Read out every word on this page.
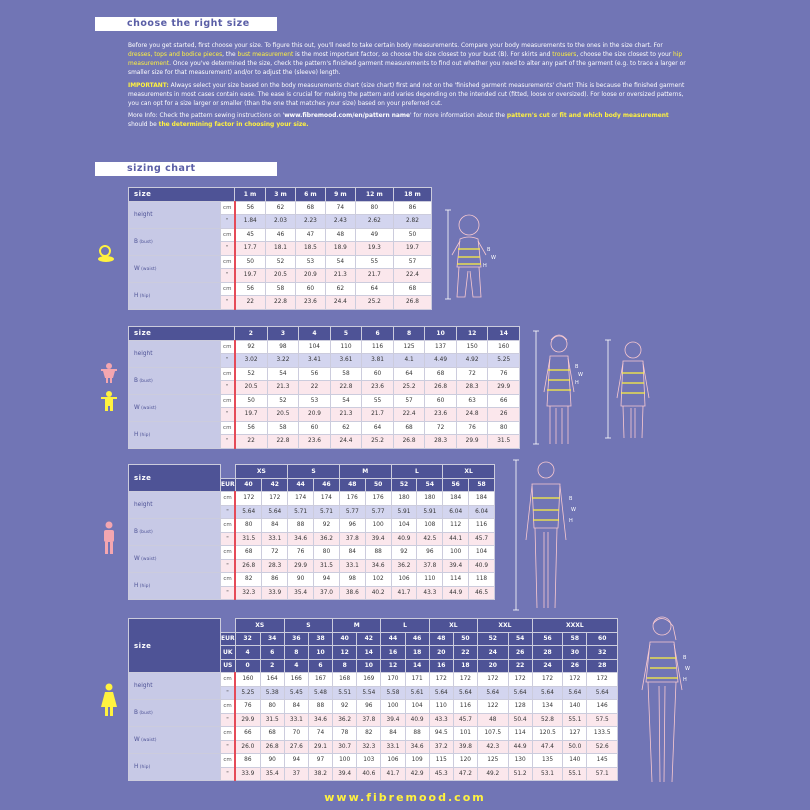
choose the right size

Before you get started, first choose your size. To figure this out, you'll need to take certain body measurements. Compare your body measurements to the ones in the size chart. For dresses, tops and bodice pieces, the bust measurement is the most important factor, so choose the size closest to your bust (B). For skirts and trousers, choose the size closest to your hip measurement. Once you've determined the size, check the pattern's finished garment measurements to find out whether you need to alter any part of the garment (e.g. to trace a larger or smaller size for that measurement) and/or to adjust the (sleeve) length.

IMPORTANT: Always select your size based on the body measurements chart (size chart) first and not on the 'finished garment measurements' chart! This is because the finished garment measurements in most cases contain ease. The ease is crucial for making the pattern and varies depending on the intended cut (fitted, loose or oversized). For loose or oversized patterns, you can opt for a size larger or smaller (than the one that matches your size) based on your preferred cut.

More Info: Check the pattern sewing instructions on 'www.fibremood.com/en/pattern name' for more information about the pattern's cut or fit and which body measurement should be the determining factor in choosing your size.

sizing chart
size		1 m	3 m	6 m	9 m	12 m	18 m
height	cm	56	62	68	74	80	86
	"	1.84	2.03	2.23	2.43	2.62	2.82
B (bust)	cm	45	46	47	48	49	50
	"	17.7	18.1	18.5	18.9	19.3	19.7
W (waist)	cm	50	52	53	54	55	57
	"	19.7	20.5	20.9	21.3	21.7	22.4
H (hip)	cm	56	58	60	62	64	68
	"	22	22.8	23.6	24.4	25.2	26.8
size		2	3	4	5	6	8	10	12	14
height	cm	92	98	104	110	116	125	137	150	160
	"	3.02	3.22	3.41	3.61	3.81	4.1	4.49	4.92	5.25
B (bust)	cm	52	54	56	58	60	64	68	72	76
	"	20.5	21.3	22	22.8	23.6	25.2	26.8	28.3	29.9
W (waist)	cm	50	52	53	54	55	57	60	63	66
	"	19.7	20.5	20.9	21.3	21.7	22.4	23.6	24.8	26
H (hip)	cm	56	58	60	62	64	68	72	76	80
	"	22	22.8	23.6	24.4	25.2	26.8	28.3	29.9	31.5
size		XS		S		M		L		XL	
	EUR	40	42	44	46	48	50	52	54	56	58
height	cm	172	172	174	174	176	176	180	180	184	184
	"	5.64	5.64	5.71	5.71	5.77	5.77	5.91	5.91	6.04	6.04
B (bust)	cm	80	84	88	92	96	100	104	108	112	116
	"	31.5	33.1	34.6	36.2	37.8	39.4	40.9	42.5	44.1	45.7
W (waist)	cm	68	72	76	80	84	88	92	96	100	104
	"	26.8	28.3	29.9	31.5	33.1	34.6	36.2	37.8	39.4	40.9
H (hip)	cm	82	86	90	94	98	102	106	110	114	118
	"	32.3	33.9	35.4	37.0	38.6	40.2	41.7	43.3	44.9	46.5
size		XS		S		M		L		XL		XXL		XXXL		
	EUR	32	34	36	38	40	42	44	46	48	50	52	54	56	58	60
	UK	4	6	8	10	12	14	16	18	20	22	24	26	28	30	32
	US	0	2	4	6	8	10	12	14	16	18	20	22	24	26	28
height	cm	160	164	166	167	168	169	170	171	172	172	172	172	172	172	172
	"	5.25	5.38	5.45	5.48	5.51	5.54	5.58	5.61	5.64	5.64	5.64	5.64	5.64	5.64	5.64
B (bust)	cm	76	80	84	88	92	96	100	104	110	116	122	128	134	140	146
	"	29.9	31.5	33.1	34.6	36.2	37.8	39.4	40.9	43.3	45.7	48	50.4	52.8	55.1	57.5
W (waist)	cm	66	68	70	74	78	82	84	88	94.5	101	107.5	114	120.5	127	133.5
	"	26.0	26.8	27.6	29.1	30.7	32.3	33.1	34.6	37.2	39.8	42.3	44.9	47.4	50.0	52.6
H (hip)	cm	86	90	94	97	100	103	106	109	115	120	125	130	135	140	145
	"	33.9	35.4	37	38.2	39.4	40.6	41.7	42.9	45.3	47.2	49.2	51.2	53.1	55.1	57.1
B
W
H
B
W
H
B
W
H
B
W
H
www.fibremood.com
